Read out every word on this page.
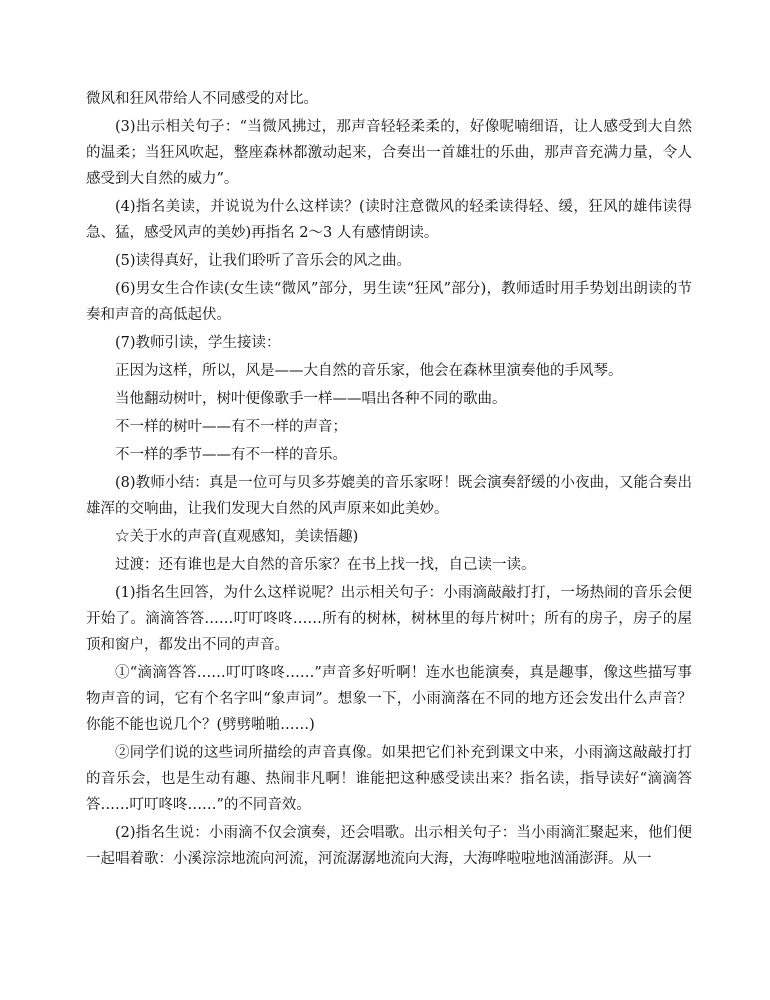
微风和狂风带给人不同感受的对比。

(3)出示相关句子：“当微风拂过，那声音轻轻柔柔的，好像呢喃细语，让人感受到大自然的温柔；当狂风吹起，整座森林都激动起来，合奏出一首雄壮的乐曲，那声音充满力量，令人感受到大自然的威力”。

(4)指名美读，并说说为什么这样读？(读时注意微风的轻柔读得轻、缓，狂风的雄伟读得急、猛，感受风声的美妙)再指名 2～3 人有感情朗读。

(5)读得真好，让我们聆听了音乐会的风之曲。

(6)男女生合作读(女生读“微风”部分，男生读“狂风”部分)，教师适时用手势划出朗读的节奏和声音的高低起伏。

(7)教师引读，学生接读：

正因为这样，所以，风是——大自然的音乐家，他会在森林里演奏他的手风琴。

当他翻动树叶，树叶便像歌手一样——唱出各种不同的歌曲。

不一样的树叶——有不一样的声音；

不一样的季节——有不一样的音乐。

(8)教师小结：真是一位可与贝多芬媲美的音乐家呀！既会演奏舒缓的小夜曲，又能合奏出雄浑的交响曲，让我们发现大自然的风声原来如此美妙。

☆关于水的声音(直观感知，美读悟趣)

过渡：还有谁也是大自然的音乐家？在书上找一找，自己读一读。

(1)指名生回答，为什么这样说呢？出示相关句子：小雨滴敲敲打打，一场热闹的音乐会便开始了。滴滴答答……叮叮咚咚……所有的树林，树林里的每片树叶；所有的房子，房子的屋顶和窗户，都发出不同的声音。

①“滴滴答答……叮叮咚咚……”声音多好听啊！连水也能演奏，真是趣事，像这些描写事物声音的词，它有个名字叫“象声词”。想象一下，小雨滴落在不同的地方还会发出什么声音？你能不能也说几个？(劈劈啪啪……)

②同学们说的这些词所描绘的声音真像。如果把它们补充到课文中来，小雨滴这敲敲打打的音乐会，也是生动有趣、热闹非凡啊！谁能把这种感受读出来？指名读，指导读好“滴滴答答……叮叮咚咚……”的不同音效。

(2)指名生说：小雨滴不仅会演奏，还会唱歌。出示相关句子：当小雨滴汇聚起来，他们便一起唱着歌：小溪淙淙地流向河流，河流潺潺地流向大海，大海哗啦啦地汹涌澎湃。从一
